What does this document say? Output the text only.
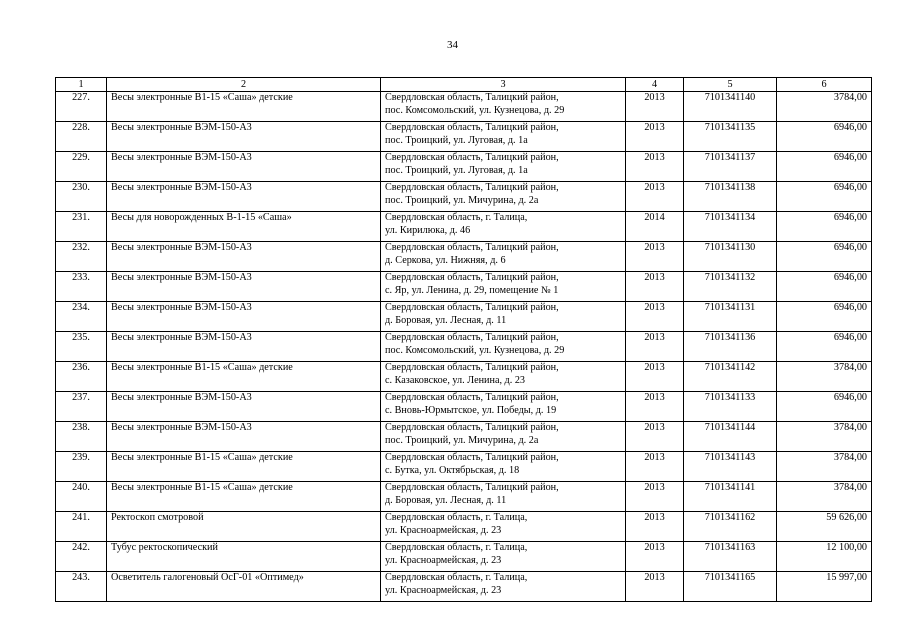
34
1	2	3	4	5	6
227.	Весы электронные В1-15 «Саша» детские	Свердловская область, Талицкий район,
пос. Комсомольский, ул. Кузнецова, д. 29	2013	7101341140	3784,00
228.	Весы электронные ВЭМ-150-А3	Свердловская область, Талицкий район,
пос. Троицкий, ул. Луговая, д. 1а	2013	7101341135	6946,00
229.	Весы электронные ВЭМ-150-А3	Свердловская область, Талицкий район,
пос. Троицкий, ул. Луговая, д. 1а	2013	7101341137	6946,00
230.	Весы электронные ВЭМ-150-А3	Свердловская область, Талицкий район,
пос. Троицкий, ул. Мичурина, д. 2а	2013	7101341138	6946,00
231.	Весы для новорожденных В-1-15 «Саша»	Свердловская область, г. Талица,
ул. Кирилюка, д. 46	2014	7101341134	6946,00
232.	Весы электронные ВЭМ-150-А3	Свердловская область, Талицкий район,
д. Серкова, ул. Нижняя, д. 6	2013	7101341130	6946,00
233.	Весы электронные ВЭМ-150-А3	Свердловская область, Талицкий район,
с. Яр, ул. Ленина, д. 29, помещение № 1	2013	7101341132	6946,00
234.	Весы электронные ВЭМ-150-А3	Свердловская область, Талицкий район,
д. Боровая, ул. Лесная, д. 11	2013	7101341131	6946,00
235.	Весы электронные ВЭМ-150-А3	Свердловская область, Талицкий район,
пос. Комсомольский, ул. Кузнецова, д. 29	2013	7101341136	6946,00
236.	Весы электронные В1-15 «Саша» детские	Свердловская область, Талицкий район,
с. Казаковское, ул. Ленина, д. 23	2013	7101341142	3784,00
237.	Весы электронные ВЭМ-150-А3	Свердловская область, Талицкий район,
с. Вновь-Юрмытское, ул. Победы, д. 19	2013	7101341133	6946,00
238.	Весы электронные ВЭМ-150-А3	Свердловская область, Талицкий район,
пос. Троицкий, ул. Мичурина, д. 2а	2013	7101341144	3784,00
239.	Весы электронные В1-15 «Саша» детские	Свердловская область, Талицкий район,
с. Бутка, ул. Октябрьская, д. 18	2013	7101341143	3784,00
240.	Весы электронные В1-15 «Саша» детские	Свердловская область, Талицкий район,
д. Боровая, ул. Лесная, д. 11	2013	7101341141	3784,00
241.	Ректоскоп смотровой	Свердловская область, г. Талица,
ул. Красноармейская, д. 23	2013	7101341162	59 626,00
242.	Тубус ректоскопический	Свердловская область, г. Талица,
ул. Красноармейская, д. 23	2013	7101341163	12 100,00
243.	Осветитель галогеновый ОсГ-01 «Оптимед»	Свердловская область, г. Талица,
ул. Красноармейская, д. 23	2013	7101341165	15 997,00
